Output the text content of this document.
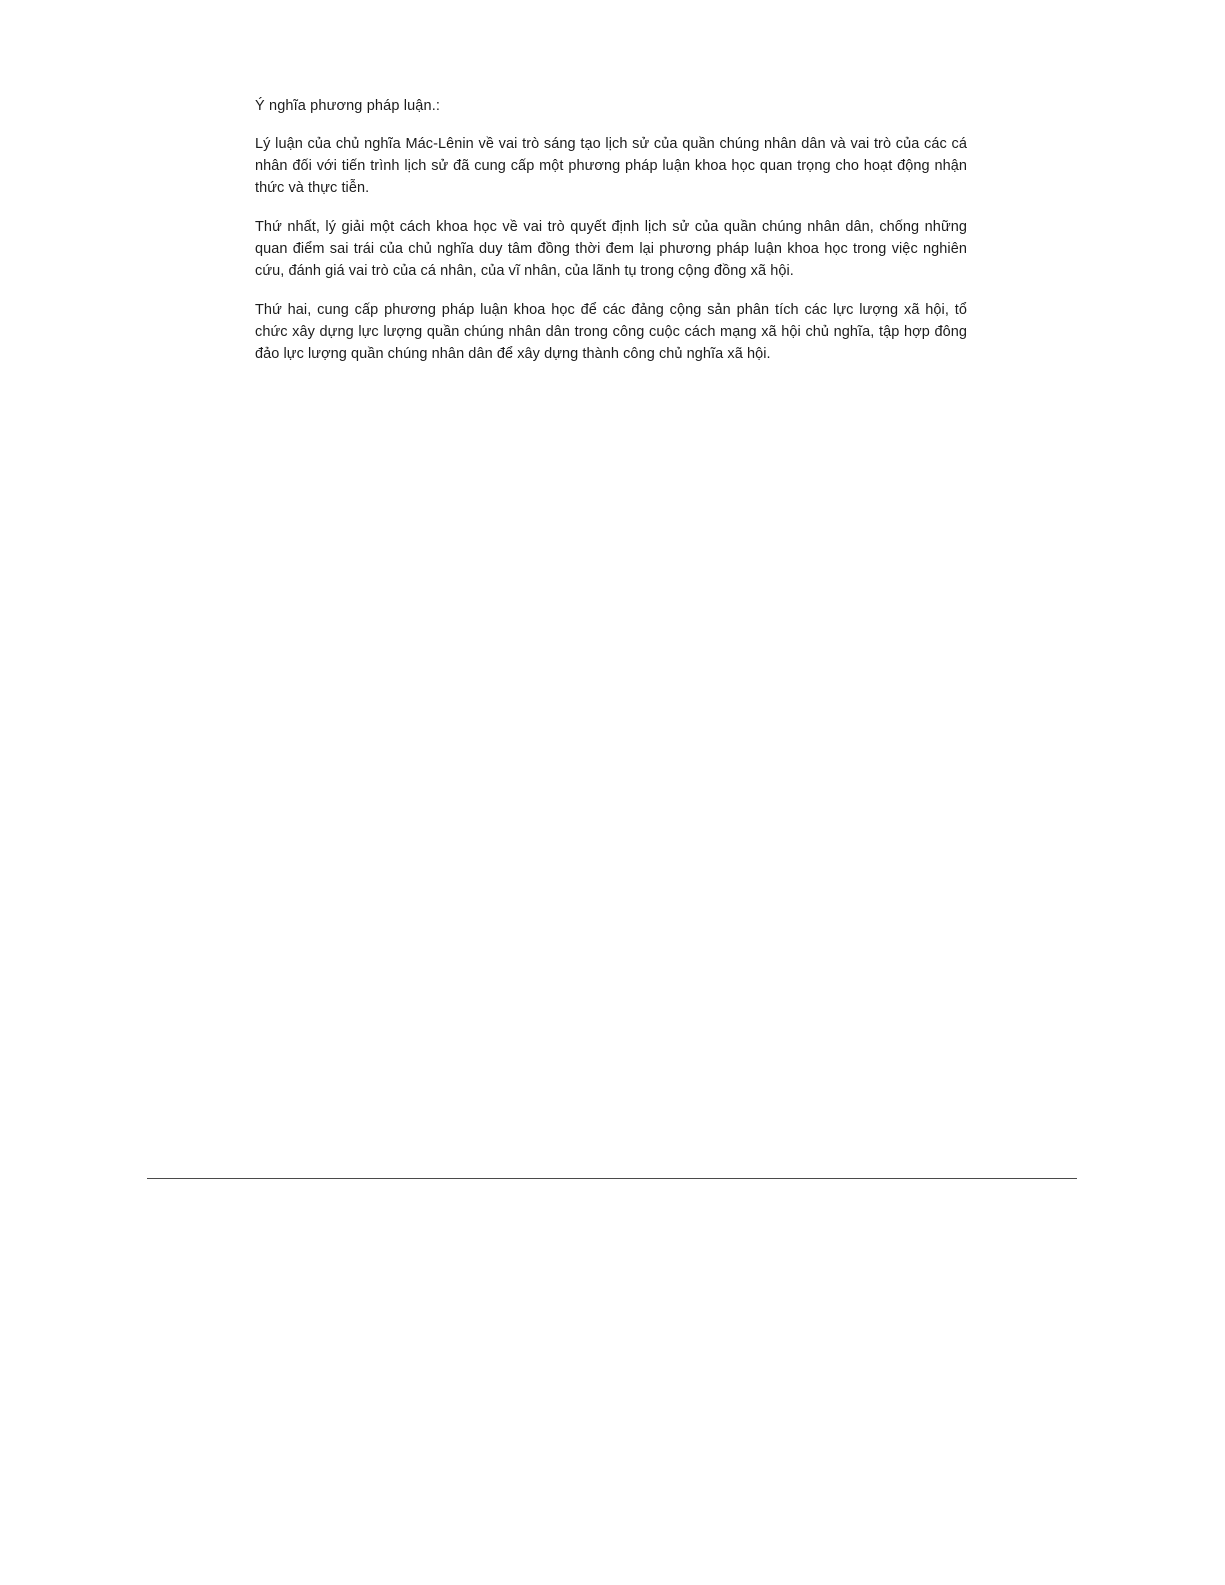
Ý nghĩa phương pháp luận.:

Lý luận của chủ nghĩa Mác-Lênin về vai trò sáng tạo lịch sử của quần chúng nhân dân và vai trò của các cá nhân đối với tiến trình lịch sử đã cung cấp một phương pháp luận khoa học quan trọng cho hoạt động nhận thức và thực tiễn.

Thứ nhất, lý giải một cách khoa học về vai trò quyết định lịch sử của quần chúng nhân dân, chống những quan điểm sai trái của chủ nghĩa duy tâm đồng thời đem lại phương pháp luận khoa học trong việc nghiên cứu, đánh giá vai trò của cá nhân, của vĩ nhân, của lãnh tụ trong cộng đồng xã hội.

Thứ hai, cung cấp phương pháp luận khoa học để các đảng cộng sản phân tích các lực lượng xã hội, tổ chức xây dựng lực lượng quần chúng nhân dân trong công cuộc cách mạng xã hội chủ nghĩa, tập hợp đông đảo lực lượng quần chúng nhân dân để xây dựng thành công chủ nghĩa xã hội.
